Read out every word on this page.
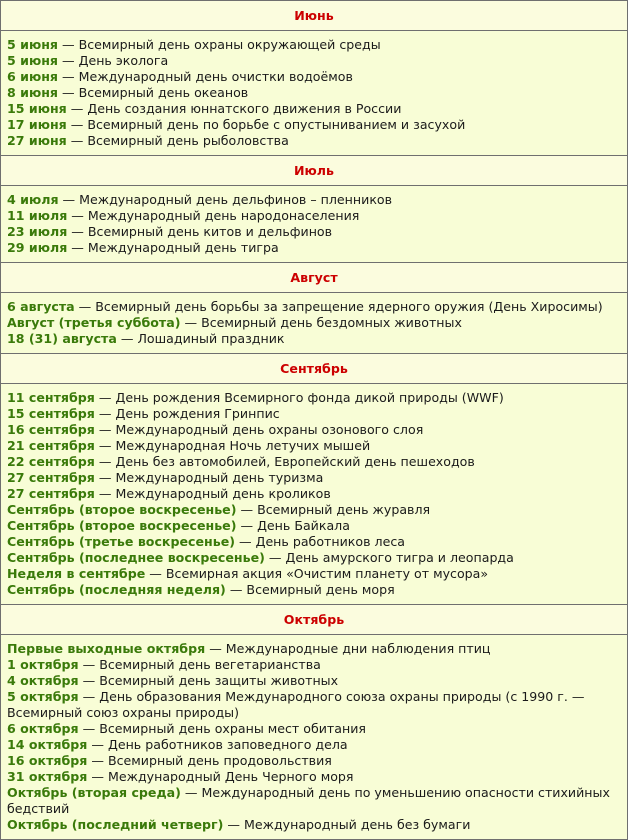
Июнь
5 июня — Всемирный день охраны окружающей среды
5 июня — День эколога
6 июня — Международный день очистки водоёмов
8 июня — Всемирный день океанов
15 июня — День создания юннатского движения в России
17 июня — Всемирный день по борьбе с опустыниванием и засухой
27 июня — Всемирный день рыболовства
Июль
4 июля — Международный день дельфинов – пленников
11 июля — Международный день народонаселения
23 июля — Всемирный день китов и дельфинов
29 июля — Международный день тигра
Август
6 августа — Всемирный день борьбы за запрещение ядерного оружия (День Хиросимы)
Август (третья суббота) — Всемирный день бездомных животных
18 (31) августа — Лошадиный праздник
Сентябрь
11 сентября — День рождения Всемирного фонда дикой природы (WWF)
15 сентября — День рождения Гринпис
16 сентября — Международный день охраны озонового слоя
21 сентября — Международная Ночь летучих мышей
22 сентября — День без автомобилей, Европейский день пешеходов
27 сентября — Международный день туризма
27 сентября — Международный день кроликов
Сентябрь (второе воскресенье) — Всемирный день журавля
Сентябрь (второе воскресенье) — День Байкала
Сентябрь (третье воскресенье) — День работников леса
Сентябрь (последнее воскресенье) — День амурского тигра и леопарда
Неделя в сентябре — Всемирная акция «Очистим планету от мусора»
Сентябрь (последняя неделя) — Всемирный день моря
Октябрь
Первые выходные октября — Международные дни наблюдения птиц
1 октября — Всемирный день вегетарианства
4 октября — Всемирный день защиты животных
5 октября — День образования Международного союза охраны природы (с 1990 г. — Всемирный союз охраны природы)
6 октября — Всемирный день охраны мест обитания
14 октября — День работников заповедного дела
16 октября — Всемирный день продовольствия
31 октября — Международный День Черного моря
Октябрь (вторая среда) — Международный день по уменьшению опасности стихийных бедствий
Октябрь (последний четверг) — Международный день без бумаги
